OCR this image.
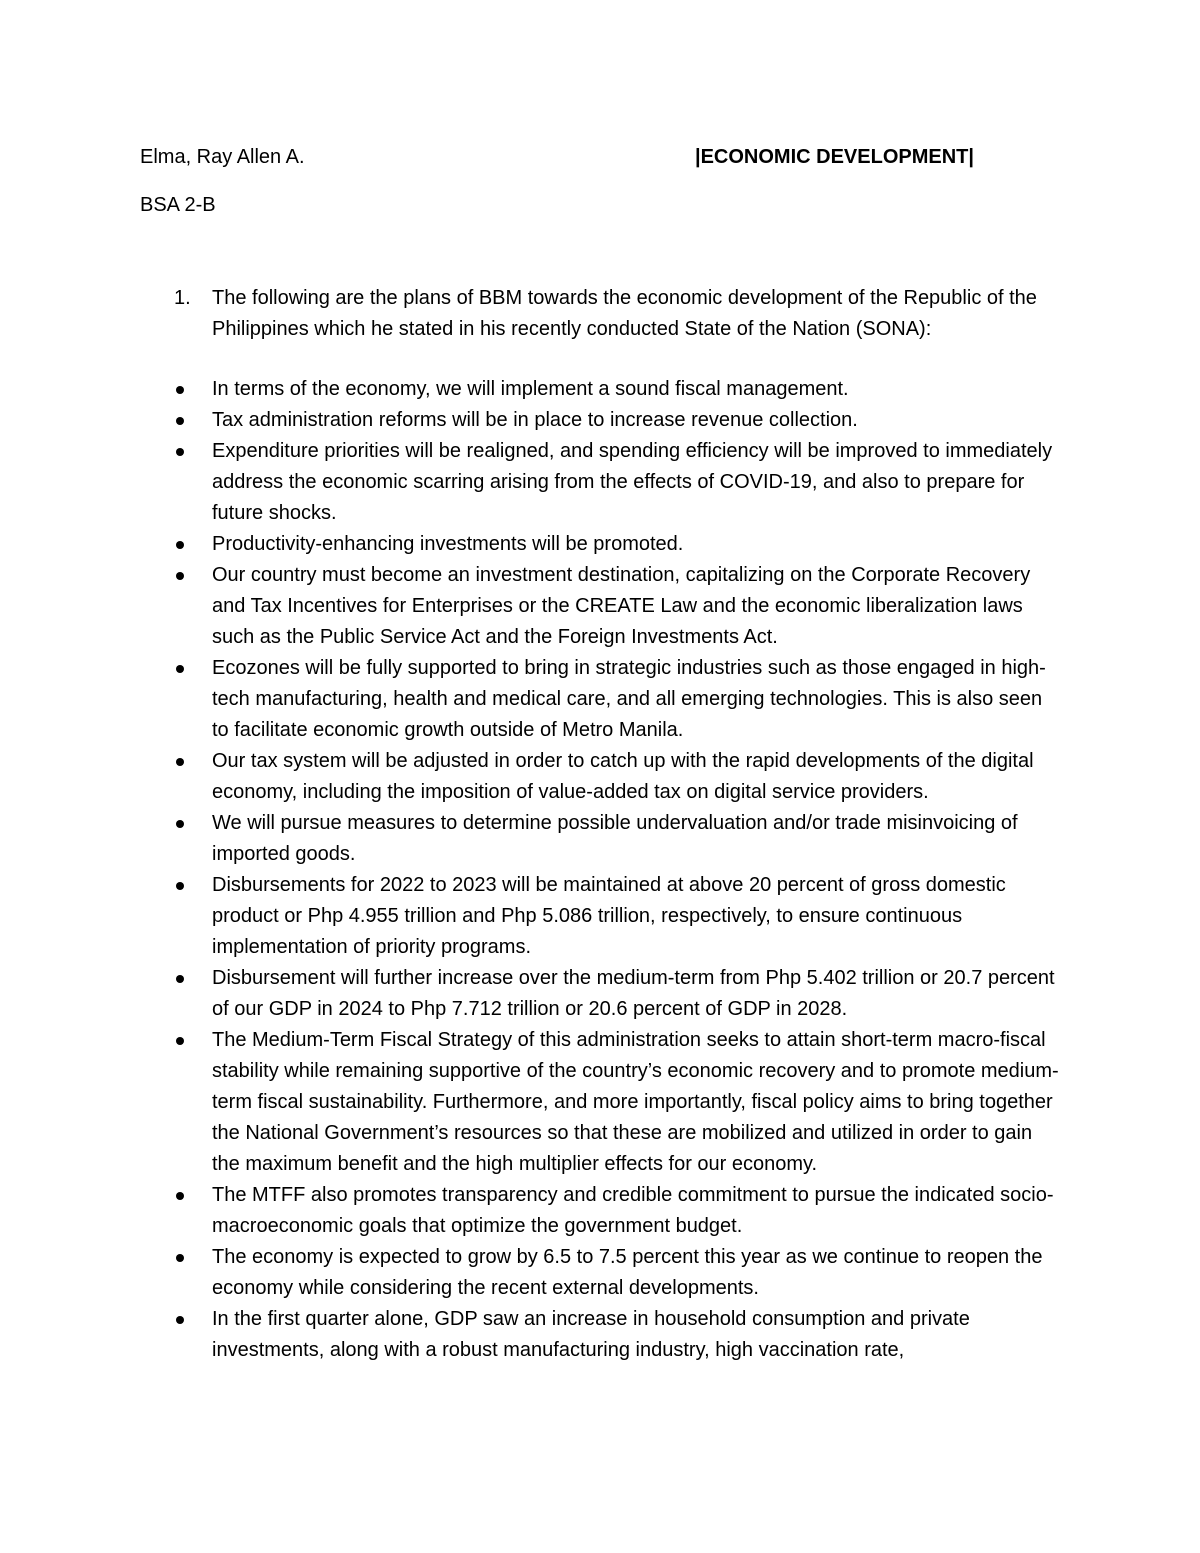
Elma, Ray Allen A.	|ECONOMIC DEVELOPMENT|
BSA 2-B
1. The following are the plans of BBM towards the economic development of the Republic of the Philippines which he stated in his recently conducted State of the Nation (SONA):
In terms of the economy, we will implement a sound fiscal management.
Tax administration reforms will be in place to increase revenue collection.
Expenditure priorities will be realigned, and spending efficiency will be improved to immediately address the economic scarring arising from the effects of COVID-19, and also to prepare for future shocks.
Productivity-enhancing investments will be promoted.
Our country must become an investment destination, capitalizing on the Corporate Recovery and Tax Incentives for Enterprises or the CREATE Law and the economic liberalization laws such as the Public Service Act and the Foreign Investments Act.
Ecozones will be fully supported to bring in strategic industries such as those engaged in high-tech manufacturing, health and medical care, and all emerging technologies. This is also seen to facilitate economic growth outside of Metro Manila.
Our tax system will be adjusted in order to catch up with the rapid developments of the digital economy, including the imposition of value-added tax on digital service providers.
We will pursue measures to determine possible undervaluation and/or trade misinvoicing of imported goods.
Disbursements for 2022 to 2023 will be maintained at above 20 percent of gross domestic product or Php 4.955 trillion and Php 5.086 trillion, respectively, to ensure continuous implementation of priority programs.
Disbursement will further increase over the medium-term from Php 5.402 trillion or 20.7 percent of our GDP in 2024 to Php 7.712 trillion or 20.6 percent of GDP in 2028.
The Medium-Term Fiscal Strategy of this administration seeks to attain short-term macro-fiscal stability while remaining supportive of the country’s economic recovery and to promote medium-term fiscal sustainability. Furthermore, and more importantly, fiscal policy aims to bring together the National Government’s resources so that these are mobilized and utilized in order to gain the maximum benefit and the high multiplier effects for our economy.
The MTFF also promotes transparency and credible commitment to pursue the indicated socio-macroeconomic goals that optimize the government budget.
The economy is expected to grow by 6.5 to 7.5 percent this year as we continue to reopen the economy while considering the recent external developments.
In the first quarter alone, GDP saw an increase in household consumption and private investments, along with a robust manufacturing industry, high vaccination rate,
